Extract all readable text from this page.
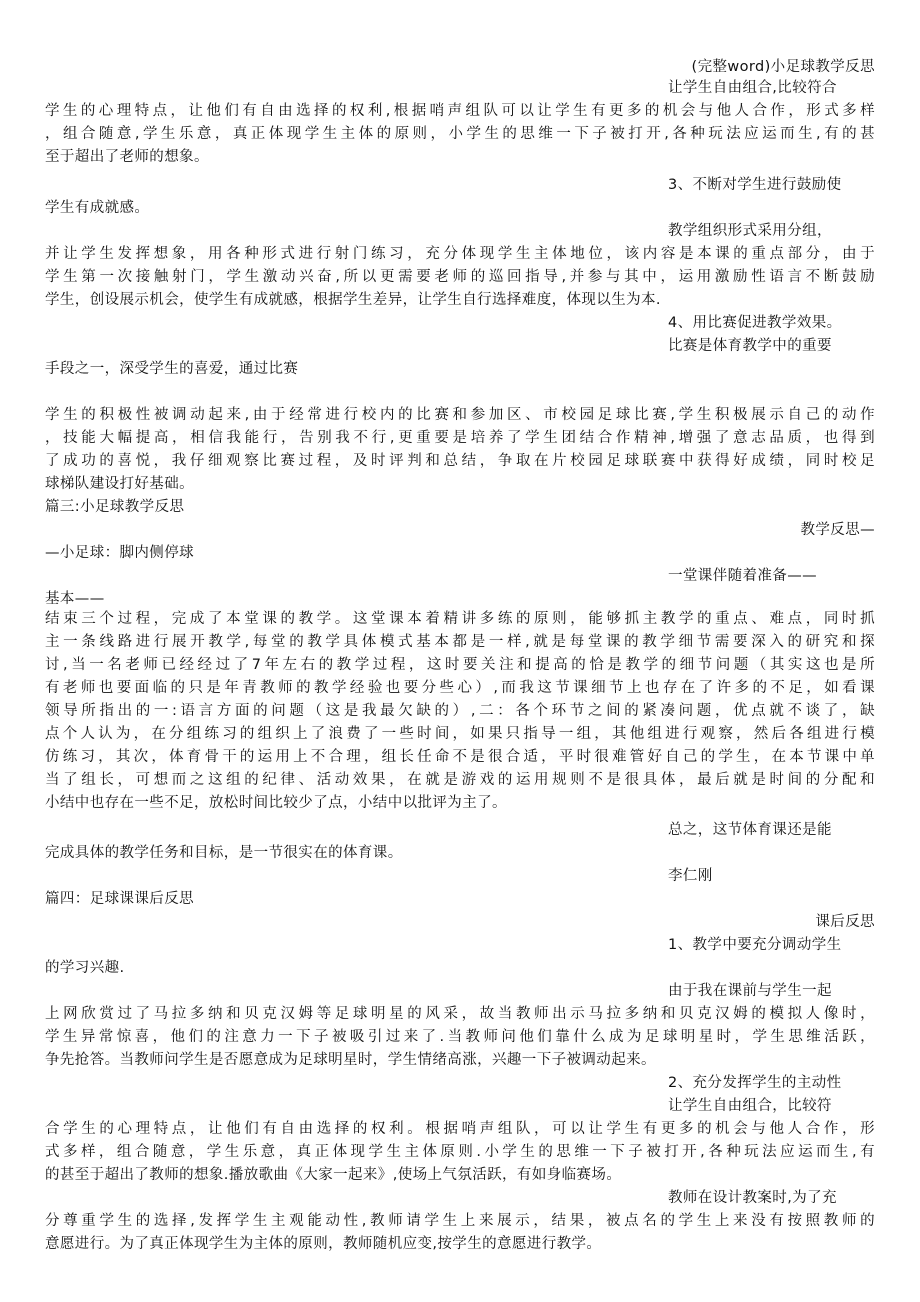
(完整word)小足球教学反思
让学生自由组合,比较符合
学生的心理特点，让他们有自由选择的权利,根据哨声组队可以让学生有更多的机会与他人合作，形式多样
，组合随意,学生乐意，真正体现学生主体的原则，小学生的思维一下子被打开,各种玩法应运而生,有的甚
至于超出了老师的想象。
3、不断对学生进行鼓励使
学生有成就感。
教学组织形式采用分组，
并让学生发挥想象，用各种形式进行射门练习，充分体现学生主体地位，该内容是本课的重点部分，由于
学生第一次接触射门，学生激动兴奋,所以更需要老师的巡回指导,并参与其中，运用激励性语言不断鼓励
学生，创设展示机会，使学生有成就感，根据学生差异，让学生自行选择难度，体现以生为本.
4、用比赛促进教学效果。
比赛是体育教学中的重要
手段之一，深受学生的喜爱，通过比赛
学生的积极性被调动起来,由于经常进行校内的比赛和参加区、市校园足球比赛,学生积极展示自己的动作
，技能大幅提高，相信我能行，告别我不行,更重要是培养了学生团结合作精神,增强了意志品质，也得到
了成功的喜悦，我仔细观察比赛过程，及时评判和总结，争取在片校园足球联赛中获得好成绩，同时校足
球梯队建设打好基础。
篇三:小足球教学反思
教学反思—
—小足球：脚内侧停球
一堂课伴随着准备——
基本——
结束三个过程，完成了本堂课的教学。这堂课本着精讲多练的原则，能够抓主教学的重点、难点，同时抓
主一条线路进行展开教学,每堂的教学具体模式基本都是一样,就是每堂课的教学细节需要深入的研究和探
讨,当一名老师已经经过了7年左右的教学过程，这时要关注和提高的恰是教学的细节问题（其实这也是所
有老师也要面临的只是年青教师的教学经验也要分些心）,而我这节课细节上也存在了许多的不足，如看课
领导所指出的一:语言方面的问题（这是我最欠缺的）,二：各个环节之间的紧凑问题，优点就不谈了，缺
点个人认为，在分组练习的组织上了浪费了一些时间，如果只指导一组，其他组进行观察，然后各组进行模
仿练习，其次，体育骨干的运用上不合理，组长任命不是很合适，平时很难管好自己的学生，在本节课中单
当了组长，可想而之这组的纪律、活动效果，在就是游戏的运用规则不是很具体，最后就是时间的分配和
小结中也存在一些不足，放松时间比较少了点，小结中以批评为主了。
总之，这节体育课还是能
完成具体的教学任务和目标，是一节很实在的体育课。
李仁刚
篇四：足球课课后反思
课后反思
1、教学中要充分调动学生
的学习兴趣.
由于我在课前与学生一起
上网欣赏过了马拉多纳和贝克汉姆等足球明星的风采，故当教师出示马拉多纳和贝克汉姆的模拟人像时，
学生异常惊喜，他们的注意力一下子被吸引过来了.当教师问他们靠什么成为足球明星时，学生思维活跃，
争先抢答。当教师问学生是否愿意成为足球明星时，学生情绪高涨，兴趣一下子被调动起来。
2、充分发挥学生的主动性
让学生自由组合，比较符
合学生的心理特点，让他们有自由选择的权利。根据哨声组队，可以让学生有更多的机会与他人合作，形
式多样，组合随意，学生乐意，真正体现学生主体原则.小学生的思维一下子被打开,各种玩法应运而生,有
的甚至于超出了教师的想象.播放歌曲《大家一起来》,使场上气氛活跃，有如身临赛场。
教师在设计教案时,为了充
分尊重学生的选择,发挥学生主观能动性,教师请学生上来展示，结果，被点名的学生上来没有按照教师的
意愿进行。为了真正体现学生为主体的原则，教师随机应变,按学生的意愿进行教学。
